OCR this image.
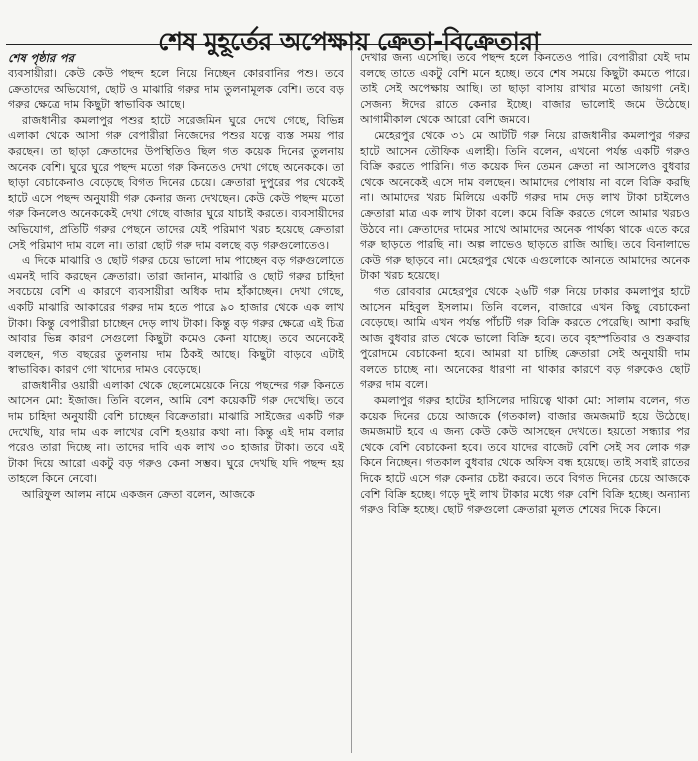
শেষ মুহূর্তের অপেক্ষায় ক্রেতা-বিক্রেতারা
শেষ পৃষ্ঠার পর

ব্যবসায়ীরা। কেউ কেউ পছন্দ হলে নিয়ে নিচ্ছেন কোরবানির পশু। তবে ক্রেতাদের অভিযোগ, ছোট ও মাঝারি গরুর দাম তুলনামূলক বেশি। তবে বড় গরুর ক্ষেত্রে দাম কিছুটা স্বাভাবিক আছে।

রাজধানীর কমলাপুর পশুর হাটে সরেজমিন ঘুরে দেখে গেছে, বিভিন্ন এলাকা থেকে আসা গরু বেপারীরা নিজেদের পশুর যত্নে ব্যস্ত সময় পার করছেন। তা ছাড়া ক্রেতাদের উপস্থিতিও ছিল গত কয়েক দিনের তুলনায় অনেক বেশি। ঘুরে ঘুরে পছন্দ মতো গরু কিনতেও দেখা গেছে অনেককে। তা ছাড়া বেচাকেনাও বেড়েছে বিগত দিনের চেয়ে। ক্রেতারা দুপুরের পর থেকেই হাটে এসে পছন্দ অনুযায়ী গরু কেনার জন্য দেখছেন। কেউ কেউ পছন্দ মতো গরু কিনলেও অনেককেই দেখা গেছে বাজার ঘুরে যাচাই করতে। ব্যবসায়ীদের অভিযোগ, প্রতিটি গরুর পেছনে তাদের যেই পরিমাণ খরচ হয়েছে ক্রেতারা সেই পরিমাণ দাম বলে না। তারা ছোট গরু দাম বলছে বড় গরুগুলোতেও।

এ দিকে মাঝারি ও ছোট গরুর চেয়ে ভালো দাম পাচ্ছেন বড় গরুগুলোতে এমনই দাবি করছেন ক্রেতারা। তারা জানান, মাঝারি ও ছোট গরুর চাহিদা সবচেয়ে বেশি এ কারণে ব্যবসায়ীরা অধিক দাম হাঁকাচ্ছেন। দেখা গেছে, একটি মাঝারি আকারের গরুর দাম হতে পারে ৯০ হাজার থেকে এক লাখ টাকা। কিন্তু বেপারীরা চাচ্ছেন দেড় লাখ টাকা। কিন্তু বড় গরুর ক্ষেত্রে এই চিত্র আবার ভিন্ন কারণ সেগুলো কিছুটা কমেও কেনা যাচ্ছে। তবে অনেকেই বলছেন, গত বছরের তুলনায় দাম ঠিকই আছে। কিছুটা বাড়বে এটাই স্বাভাবিক। কারণ গো খাদ্যের দামও বেড়েছে।

রাজধানীর ওয়ারী এলাকা থেকে ছেলেমেয়েকে নিয়ে পছন্দের গরু কিনতে আসেন মো: ইজাজ। তিনি বলেন, আমি বেশ কয়েকটি গরু দেখেছি। তবে দাম চাহিদা অনুযায়ী বেশি চাচ্ছেন বিক্রেতারা। মাঝারি সাইজের একটি গরু দেখেছি, যার দাম এক লাখের বেশি হওয়ার কথা না। কিন্তু এই দাম বলার পরেও তারা দিচ্ছে না। তাদের দাবি এক লাখ ৩০ হাজার টাকা। তবে এই টাকা দিয়ে আরো একটু বড় গরুও কেনা সম্ভব। ঘুরে দেখছি যদি পছন্দ হয় তাহলে কিনে নেবো।

আরিফুল আলম নামে একজন ক্রেতা বলেন, আজকে

দেখার জন্য এসেছি। তবে পছন্দ হলে কিনতেও পারি। বেপারীরা যেই দাম বলছে তাতে একটু বেশি মনে হচ্ছে। তবে শেষ সময়ে কিছুটা কমতে পারে। তাই সেই অপেক্ষায় আছি। তা ছাড়া বাসায় রাখার মতো জায়গা নেই। সেজন্য ঈদের রাতে কেনার ইচ্ছে। বাজার ভালোই জমে উঠেছে। আগামীকাল থেকে আরো বেশি জমবে।

মেহেরপুর থেকে ৩১ মে আটটি গরু নিয়ে রাজধানীর কমলাপুর গরুর হাটে আসেন তৌফিক এলাহী। তিনি বলেন, এখনো পর্যন্ত একটি গরুও বিক্রি করতে পারিনি। গত কয়েক দিন তেমন ক্রেতা না আসলেও বুধবার থেকে অনেকেই এসে দাম বলছেন। আমাদের পোষায় না বলে বিক্রি করছি না। আমাদের খরচ মিলিয়ে একটি গরুর দাম দেড় লাখ টাকা চাইলেও ক্রেতারা মাত্র এক লাখ টাকা বলে। কমে বিক্রি করতে গেলে আমার খরচও উঠবে না। ক্রেতাদের দামের সাথে আমাদের অনেক পার্থক্য থাকে এতে করে গরু ছাড়তে পারছি না। অল্প লাভেও ছাড়তে রাজি আছি। তবে বিনালাভে কেউ গরু ছাড়বে না। মেহেরপুর থেকে এগুলোকে আনতে আমাদের অনেক টাকা খরচ হয়েছে।

গত রোববার মেহেরপুর থেকে ২৬টি গরু নিয়ে ঢাকার কমলাপুর হাটে আসেন মহিবুল ইসলাম। তিনি বলেন, বাজারে এখন কিছু বেচাকেনা বেড়েছে। আমি এখন পর্যন্ত পাঁচটি গরু বিক্রি করতে পেরেছি। আশা করছি আজ বুধবার রাত থেকে ভালো বিক্রি হবে। তবে বৃহস্পতিবার ও শুক্রবার পুরোদমে বেচাকেনা হবে। আমরা যা চাচ্ছি ক্রেতারা সেই অনুযায়ী দাম বলতে চাচ্ছে না। অনেকের ধারণা না থাকার কারণে বড় গরুকেও ছোট গরুর দাম বলে।

কমলাপুর গরুর হাটের হাসিলের দায়িত্বে থাকা মো: সালাম বলেন, গত কয়েক দিনের চেয়ে আজকে (গতকাল) বাজার জমজমাট হয়ে উঠেছে। জমজমাট হবে এ জন্য কেউ কেউ আসছেন দেখতে। হয়তো সন্ধ্যার পর থেকে বেশি বেচাকেনা হবে। তবে যাদের বাজেট বেশি সেই সব লোক গরু কিনে নিচ্ছেন। গতকাল বুধবার থেকে অফিস বন্ধ হয়েছে। তাই সবাই রাতের দিকে হাটে এসে গরু কেনার চেষ্টা করবে। তবে বিগত দিনের চেয়ে আজকে বেশি বিক্রি হচ্ছে। গড়ে দুই লাখ টাকার মধ্যে গরু বেশি বিক্রি হচ্ছে। অন্যান্য গরুও বিক্রি হচ্ছে। ছোট গরুগুলো ক্রেতারা মূলত শেষের দিকে কিনে।
